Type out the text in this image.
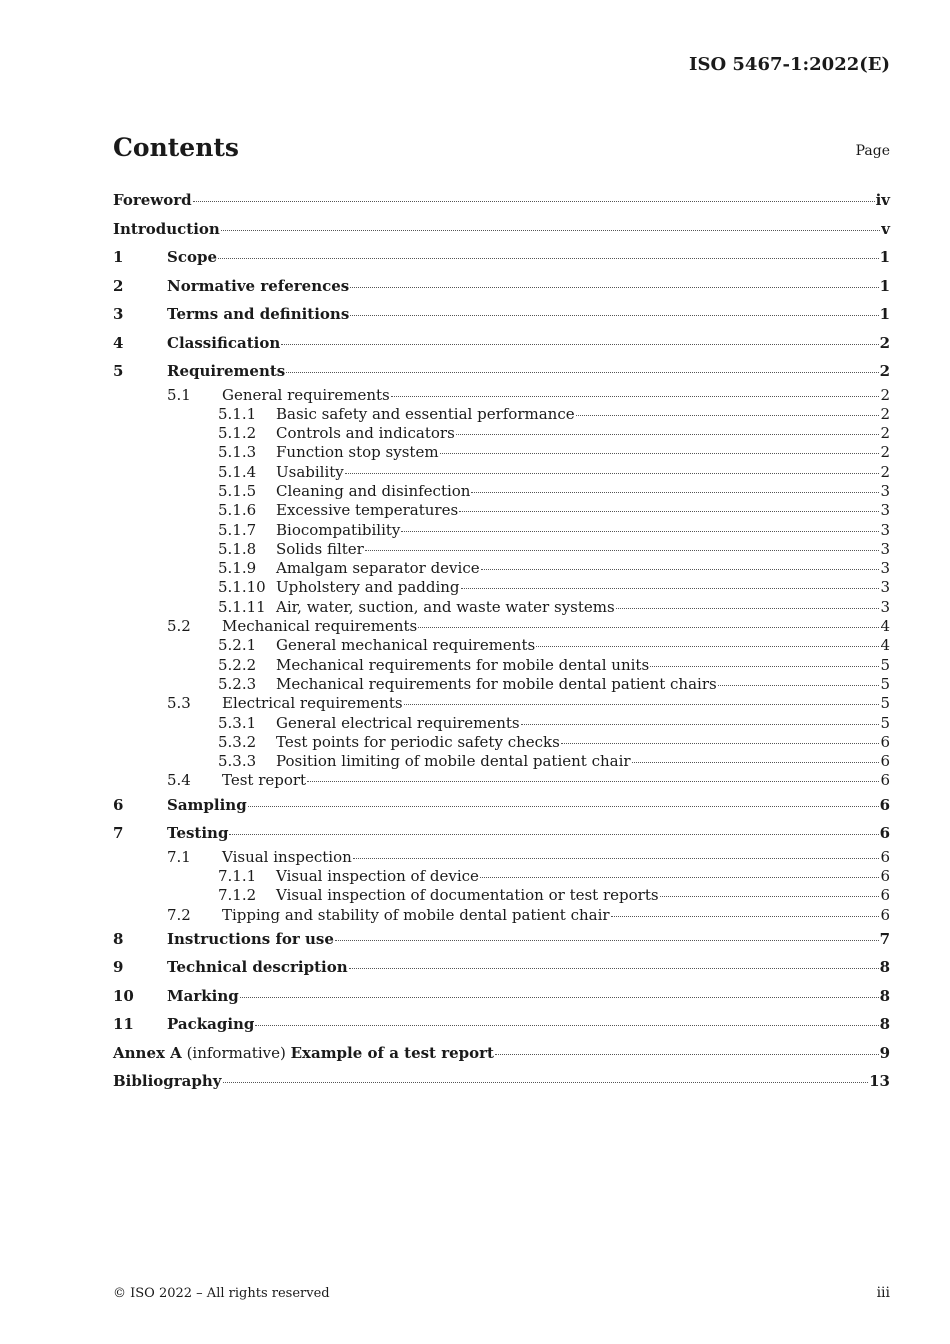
ISO 5467-1:2022(E)
Contents	Page
Foreword	iv
Introduction	v
1	Scope	1
2	Normative references	1
3	Terms and definitions	1
4	Classification	2
5	Requirements	2
5.1	General requirements	2
5.1.1	Basic safety and essential performance	2
5.1.2	Controls and indicators	2
5.1.3	Function stop system	2
5.1.4	Usability	2
5.1.5	Cleaning and disinfection	3
5.1.6	Excessive temperatures	3
5.1.7	Biocompatibility	3
5.1.8	Solids filter	3
5.1.9	Amalgam separator device	3
5.1.10 Upholstery and padding	3
5.1.11 Air, water, suction, and waste water systems	3
5.2	Mechanical requirements	4
5.2.1	General mechanical requirements	4
5.2.2	Mechanical requirements for mobile dental units	5
5.2.3	Mechanical requirements for mobile dental patient chairs	5
5.3	Electrical requirements	5
5.3.1	General electrical requirements	5
5.3.2	Test points for periodic safety checks	6
5.3.3	Position limiting of mobile dental patient chair	6
5.4	Test report	6
6	Sampling	6
7	Testing	6
7.1	Visual inspection	6
7.1.1	Visual inspection of device	6
7.1.2	Visual inspection of documentation or test reports	6
7.2	Tipping and stability of mobile dental patient chair	6
8	Instructions for use	7
9	Technical description	8
10	Marking	8
11	Packaging	8
Annex A (informative) Example of a test report	9
Bibliography	13
© ISO 2022 – All rights reserved	iii
